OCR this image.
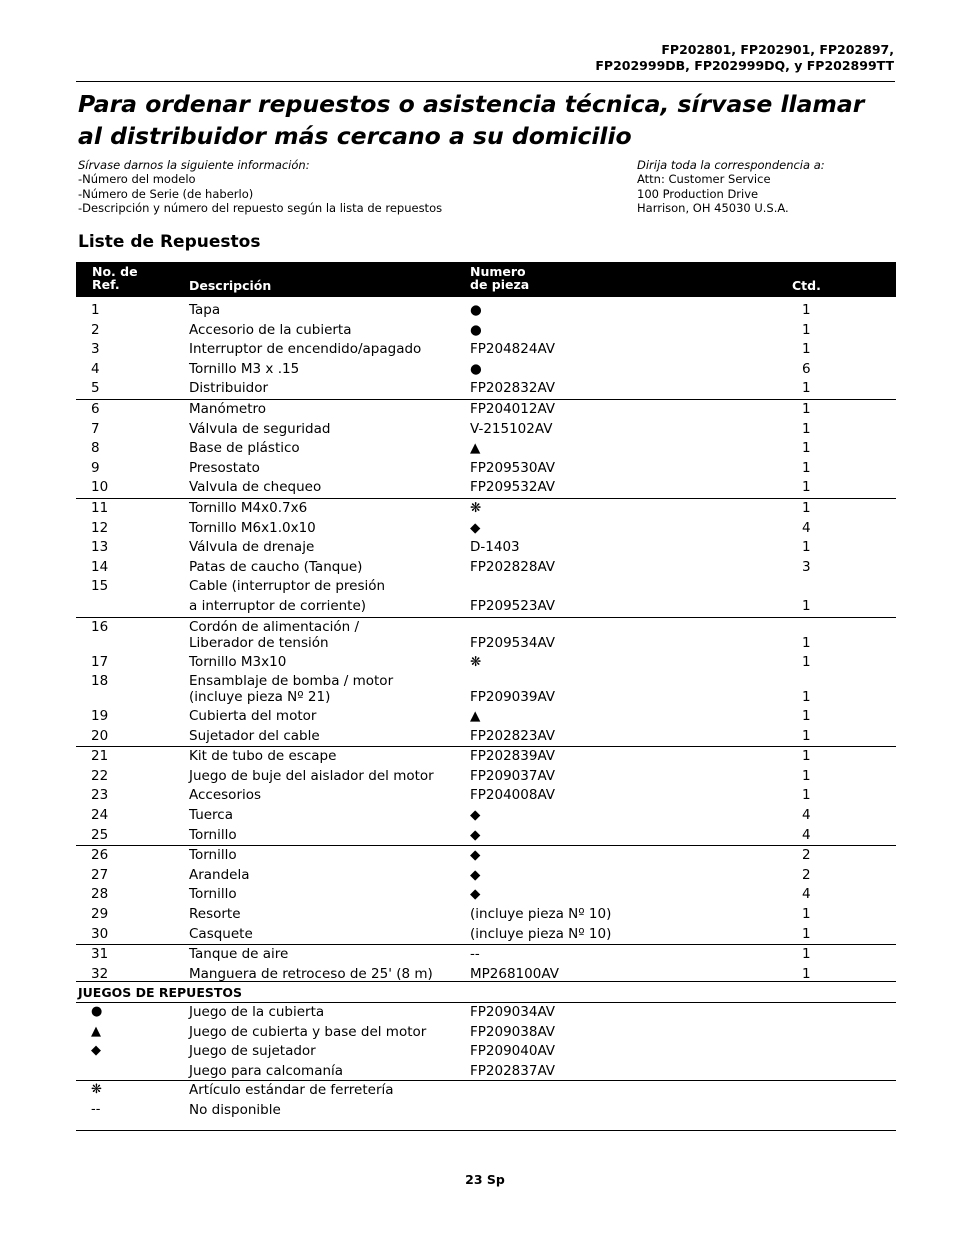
FP202801, FP202901, FP202897,
FP202999DB, FP202999DQ, y FP202899TT
Para ordenar repuestos o asistencia técnica, sírvase llamar al distribuidor más cercano a su domicilio
Sírvase darnos la siguiente información:
-Número del modelo
-Número de Serie (de haberlo)
-Descripción y número del repuesto según la lista de repuestos
Dirija toda la correspondencia a:
Attn: Customer Service
100 Production Drive
Harrison, OH 45030 U.S.A.
Liste de Repuestos
No. de
Ref.	Descripción
Numero
de pieza	Ctd.
1	Tapa	●	1
2	Accesorio de la cubierta	●	1
3	Interruptor de encendido/apagado	FP204824AV	1
4	Tornillo M3 x .15	●	6
5	Distribuidor	FP202832AV	1
6	Manómetro	FP204012AV	1
7	Válvula de seguridad	V-215102AV	1
8	Base de plástico	▲	1
9	Presostato	FP209530AV	1
10	Valvula de chequeo	FP209532AV	1
11	Tornillo M4x0.7x6	❋	1
12	Tornillo M6x1.0x10	◆	4
13	Válvula de drenaje	D-1403	1
14	Patas de caucho (Tanque)	FP202828AV	3
15	Cable (interruptor de presión
a interruptor de corriente)	FP209523AV	1
16	Cordón de alimentación /
Liberador de tensión	FP209534AV	1
17	Tornillo M3x10	❋	1
18	Ensamblaje de bomba / motor
(incluye pieza Nº 21)	FP209039AV	1
19	Cubierta del motor	▲	1
20	Sujetador del cable	FP202823AV	1
21	Kit de tubo de escape	FP202839AV	1
22	Juego de buje del aislador del motor	FP209037AV	1
23	Accesorios	FP204008AV	1
24	Tuerca	◆	4
25	Tornillo	◆	4
26	Tornillo	◆	2
27	Arandela	◆	2
28	Tornillo	◆	4
29	Resorte	(incluye pieza Nº 10)	1
30	Casquete	(incluye pieza Nº 10)	1
31	Tanque de aire	--	1
32	Manguera de retroceso de 25' (8 m)	MP268100AV	1
JUEGOS DE REPUESTOS
●	Juego de la cubierta	FP209034AV
▲	Juego de cubierta y base del motor	FP209038AV
◆	Juego de sujetador	FP209040AV
Juego para calcomanía	FP202837AV
❋	Artículo estándar de ferretería
--	No disponible
23 Sp
